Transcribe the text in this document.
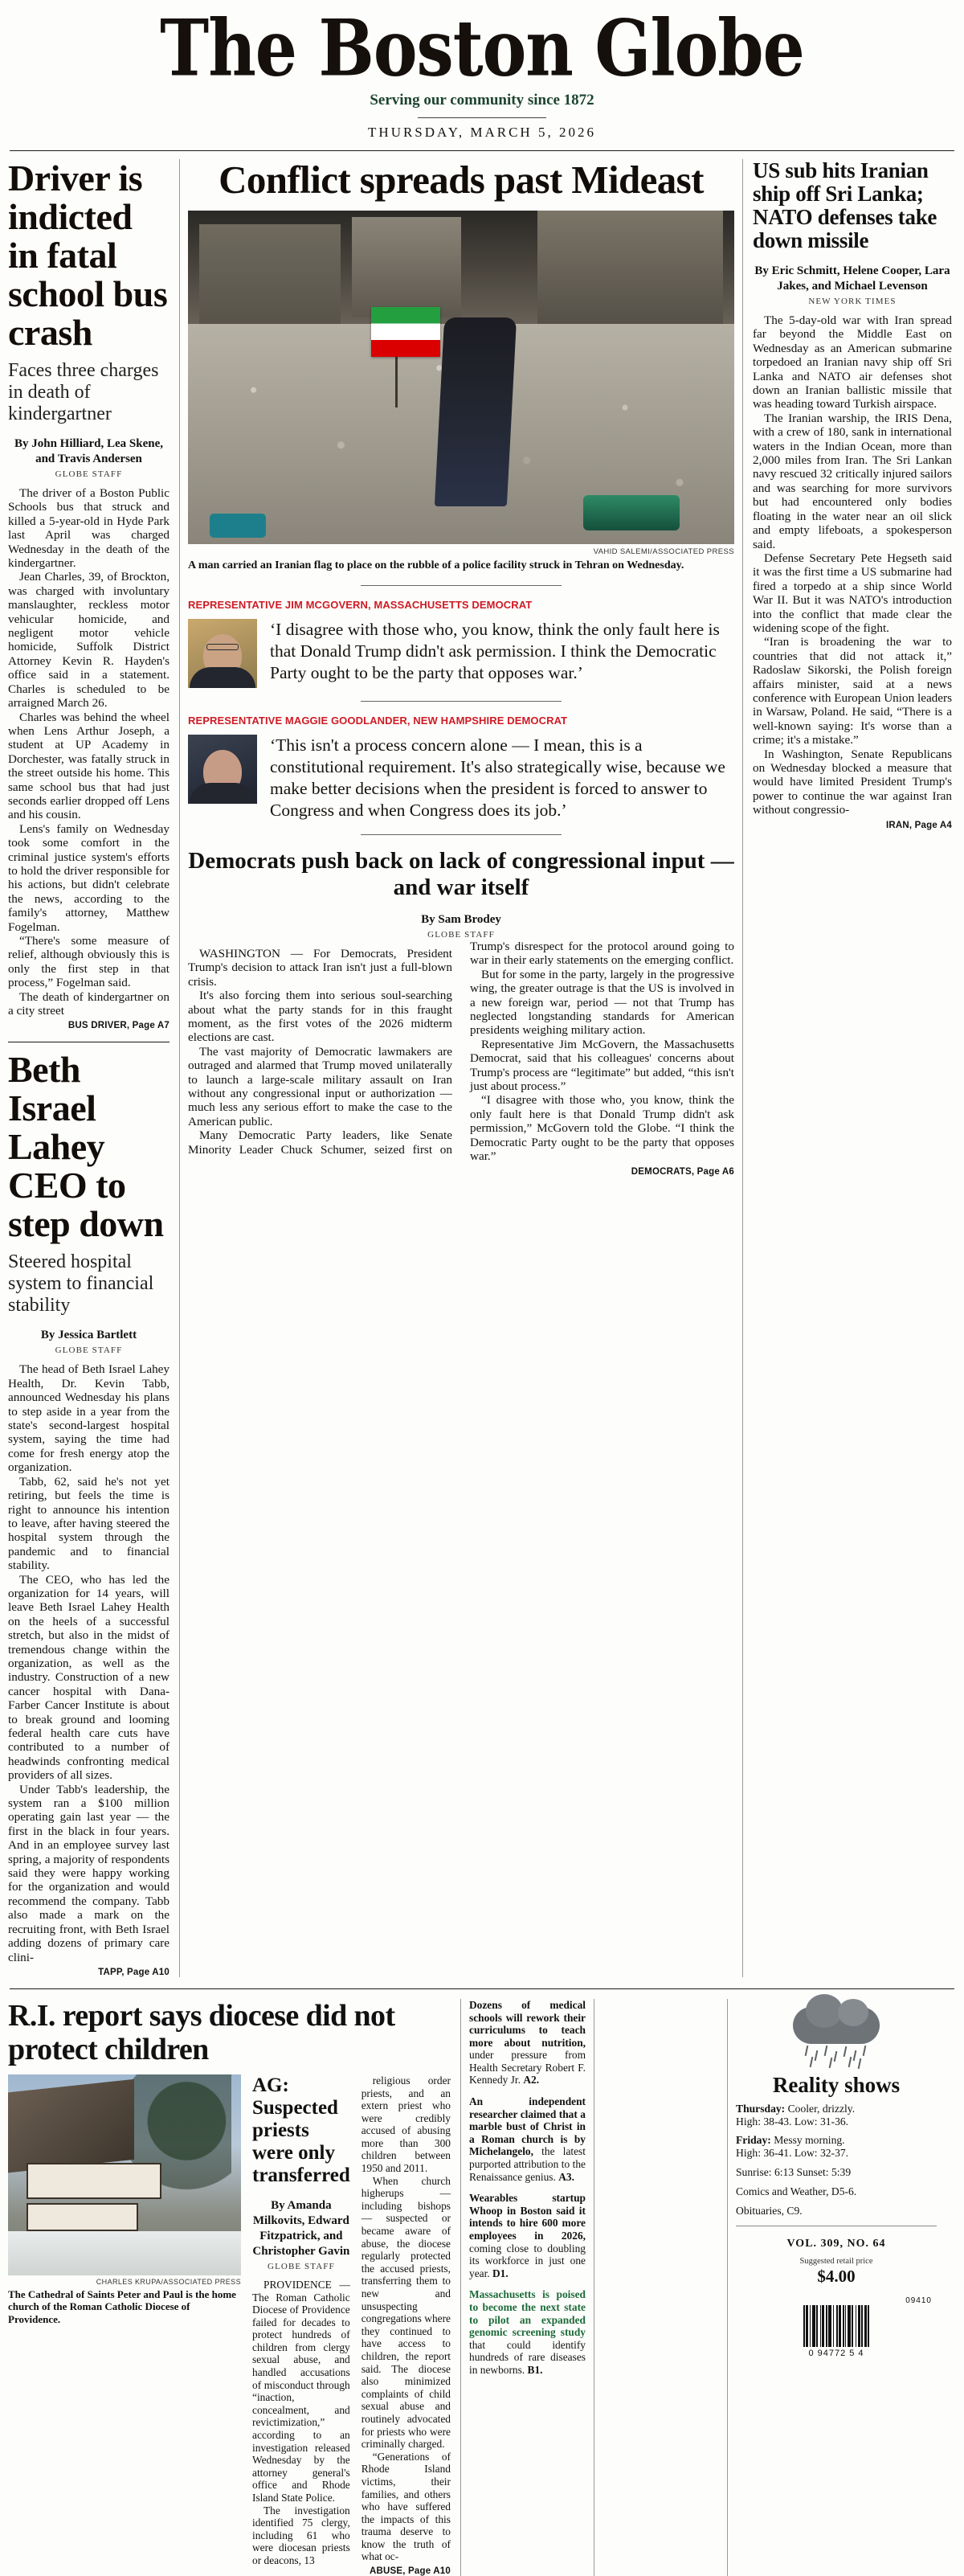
The Boston Globe
Serving our community since 1872
THURSDAY, MARCH 5, 2026
Driver is indicted in fatal school bus crash
Faces three charges in death of kindergartner
By John Hilliard, Lea Skene, and Travis Andersen
GLOBE STAFF

The driver of a Boston Public Schools bus that struck and killed a 5-year-old in Hyde Park last April was charged Wednesday in the death of the kindergartner.

Jean Charles, 39, of Brockton, was charged with involuntary manslaughter, reckless motor vehicular homicide, and negligent motor vehicle homicide, Suffolk District Attorney Kevin R. Hayden's office said in a statement. Charles is scheduled to be arraigned March 26.

Charles was behind the wheel when Lens Arthur Joseph, a student at UP Academy in Dorchester, was fatally struck in the street outside his home. This same school bus that had just seconds earlier dropped off Lens and his cousin.

Lens's family on Wednesday took some comfort in the criminal justice system's efforts to hold the driver responsible for his actions, but didn't celebrate the news, according to the family's attorney, Matthew Fogelman.

“There's some measure of relief, although obviously this is only the first step in that process,” Fogelman said.

The death of kindergartner on a city street

BUS DRIVER, Page A7
Beth Israel Lahey CEO to step down
Steered hospital system to financial stability
By Jessica Bartlett
GLOBE STAFF

The head of Beth Israel Lahey Health, Dr. Kevin Tabb, announced Wednesday his plans to step aside in a year from the state's second-largest hospital system, saying the time had come for fresh energy atop the organization.

Tabb, 62, said he's not yet retiring, but feels the time is right to announce his intention to leave, after having steered the hospital system through the pandemic and to financial stability.

The CEO, who has led the organization for 14 years, will leave Beth Israel Lahey Health on the heels of a successful stretch, but also in the midst of tremendous change within the organization, as well as the industry. Construction of a new cancer hospital with Dana-Farber Cancer Institute is about to break ground and looming federal health care cuts have contributed to a number of headwinds confronting medical providers of all sizes.

Under Tabb's leadership, the system ran a $100 million operating gain last year — the first in the black in four years. And in an employee survey last spring, a majority of respondents said they were happy working for the organization and would recommend the company. Tabb also made a mark on the recruiting front, with Beth Israel adding dozens of primary care clini-

TAPP, Page A10
Conflict spreads past Mideast
VAHID SALEMI/ASSOCIATED PRESS
A man carried an Iranian flag to place on the rubble of a police facility struck in Tehran on Wednesday.
REPRESENTATIVE JIM MCGOVERN, MASSACHUSETTS DEMOCRAT
‘I disagree with those who, you know, think the only fault here is that Donald Trump didn't ask permission. I think the Democratic Party ought to be the party that opposes war.’
REPRESENTATIVE MAGGIE GOODLANDER, NEW HAMPSHIRE DEMOCRAT
‘This isn't a process concern alone — I mean, this is a constitutional requirement. It's also strategically wise, because we make better decisions when the president is forced to answer to Congress and when Congress does its job.’
Democrats push back on lack of congressional input — and war itself
By Sam Brodey
GLOBE STAFF

WASHINGTON — For Democrats, President Trump's decision to attack Iran isn't just a full-blown crisis.

It's also forcing them into serious soul-searching about what the party stands for in this fraught moment, as the first votes of the 2026 midterm elections are cast.

The vast majority of Democratic lawmakers are outraged and alarmed that Trump moved unilaterally to launch a large-scale military assault on Iran without any congressional input or authorization — much less any serious effort to make the case to the American public.

Many Democratic Party leaders, like Senate Minority Leader Chuck Schumer, seized first on Trump's disrespect for the protocol around going to war in their early statements on the emerging conflict.

But for some in the party, largely in the progressive wing, the greater outrage is that the US is involved in a new foreign war, period — not that Trump has neglected longstanding standards for American presidents weighing military action.

Representative Jim McGovern, the Massachusetts Democrat, said that his colleagues' concerns about Trump's process are “legitimate” but added, “this isn't just about process.”

“I disagree with those who, you know, think the only fault here is that Donald Trump didn't ask permission,” McGovern told the Globe. “I think the Democratic Party ought to be the party that opposes war.”

DEMOCRATS, Page A6
US sub hits Iranian ship off Sri Lanka; NATO defenses take down missile
By Eric Schmitt, Helene Cooper, Lara Jakes, and Michael Levenson
NEW YORK TIMES

The 5-day-old war with Iran spread far beyond the Middle East on Wednesday as an American submarine torpedoed an Iranian navy ship off Sri Lanka and NATO air defenses shot down an Iranian ballistic missile that was heading toward Turkish airspace.

The Iranian warship, the IRIS Dena, with a crew of 180, sank in international waters in the Indian Ocean, more than 2,000 miles from Iran. The Sri Lankan navy rescued 32 critically injured sailors and was searching for more survivors but had encountered only bodies floating in the water near an oil slick and empty lifeboats, a spokesperson said.

Defense Secretary Pete Hegseth said it was the first time a US submarine had fired a torpedo at a ship since World War II. But it was NATO's introduction into the conflict that made clear the widening scope of the fight.

“Iran is broadening the war to countries that did not attack it,” Radoslaw Sikorski, the Polish foreign affairs minister, said at a news conference with European Union leaders in Warsaw, Poland. He said, “There is a well-known saying: It's worse than a crime; it's a mistake.”

In Washington, Senate Republicans on Wednesday blocked a measure that would have limited President Trump's power to continue the war against Iran without congressio-

IRAN, Page A4
R.I. report says diocese did not protect children
CHARLES KRUPA/ASSOCIATED PRESS
The Cathedral of Saints Peter and Paul is the home church of the Roman Catholic Diocese of Providence.
AG: Suspected priests were only transferred
By Amanda Milkovits, Edward Fitzpatrick, and Christopher Gavin
GLOBE STAFF

PROVIDENCE — The Roman Catholic Diocese of Providence failed for decades to protect hundreds of children from clergy sexual abuse, and handled accusations of misconduct through “inaction, concealment, and revictimization,” according to an investigation released Wednesday by the attorney general's office and Rhode Island State Police.

The investigation identified 75 clergy, including 61 who were diocesan priests or deacons, 13

religious order priests, and an extern priest who were credibly accused of abusing more than 300 children between 1950 and 2011.

When church higherups — including bishops — suspected or became aware of abuse, the diocese regularly protected the accused priests, transferring them to new and unsuspecting congregations where they continued to have access to children, the report said. The diocese also minimized complaints of child sexual abuse and routinely advocated for priests who were criminally charged.

“Generations of Rhode Island victims, their families, and others who have suffered the impacts of this trauma deserve to know the truth of what oc-

ABUSE, Page A10
Dozens of medical schools will rework their curriculums to teach more about nutrition, under pressure from Health Secretary Robert F. Kennedy Jr. A2.
An independent researcher claimed that a marble bust of Christ in a Roman church is by Michelangelo, the latest purported attribution to the Renaissance genius. A3.
Wearables startup Whoop in Boston said it intends to hire 600 more employees in 2026, coming close to doubling its workforce in just one year. D1.
Massachusetts is poised to become the next state to pilot an expanded genomic screening study that could identify hundreds of rare diseases in newborns. B1.
Reality shows
Thursday: Cooler, drizzly.
High: 38-43. Low: 31-36.
Friday: Messy morning.
High: 36-41. Low: 32-37.
Sunrise: 6:13 Sunset: 5:39
Comics and Weather, D5-6.
Obituaries, C9.
VOL. 309, NO. 64
Suggested retail price
$4.00
09410
0 94772 5 4
